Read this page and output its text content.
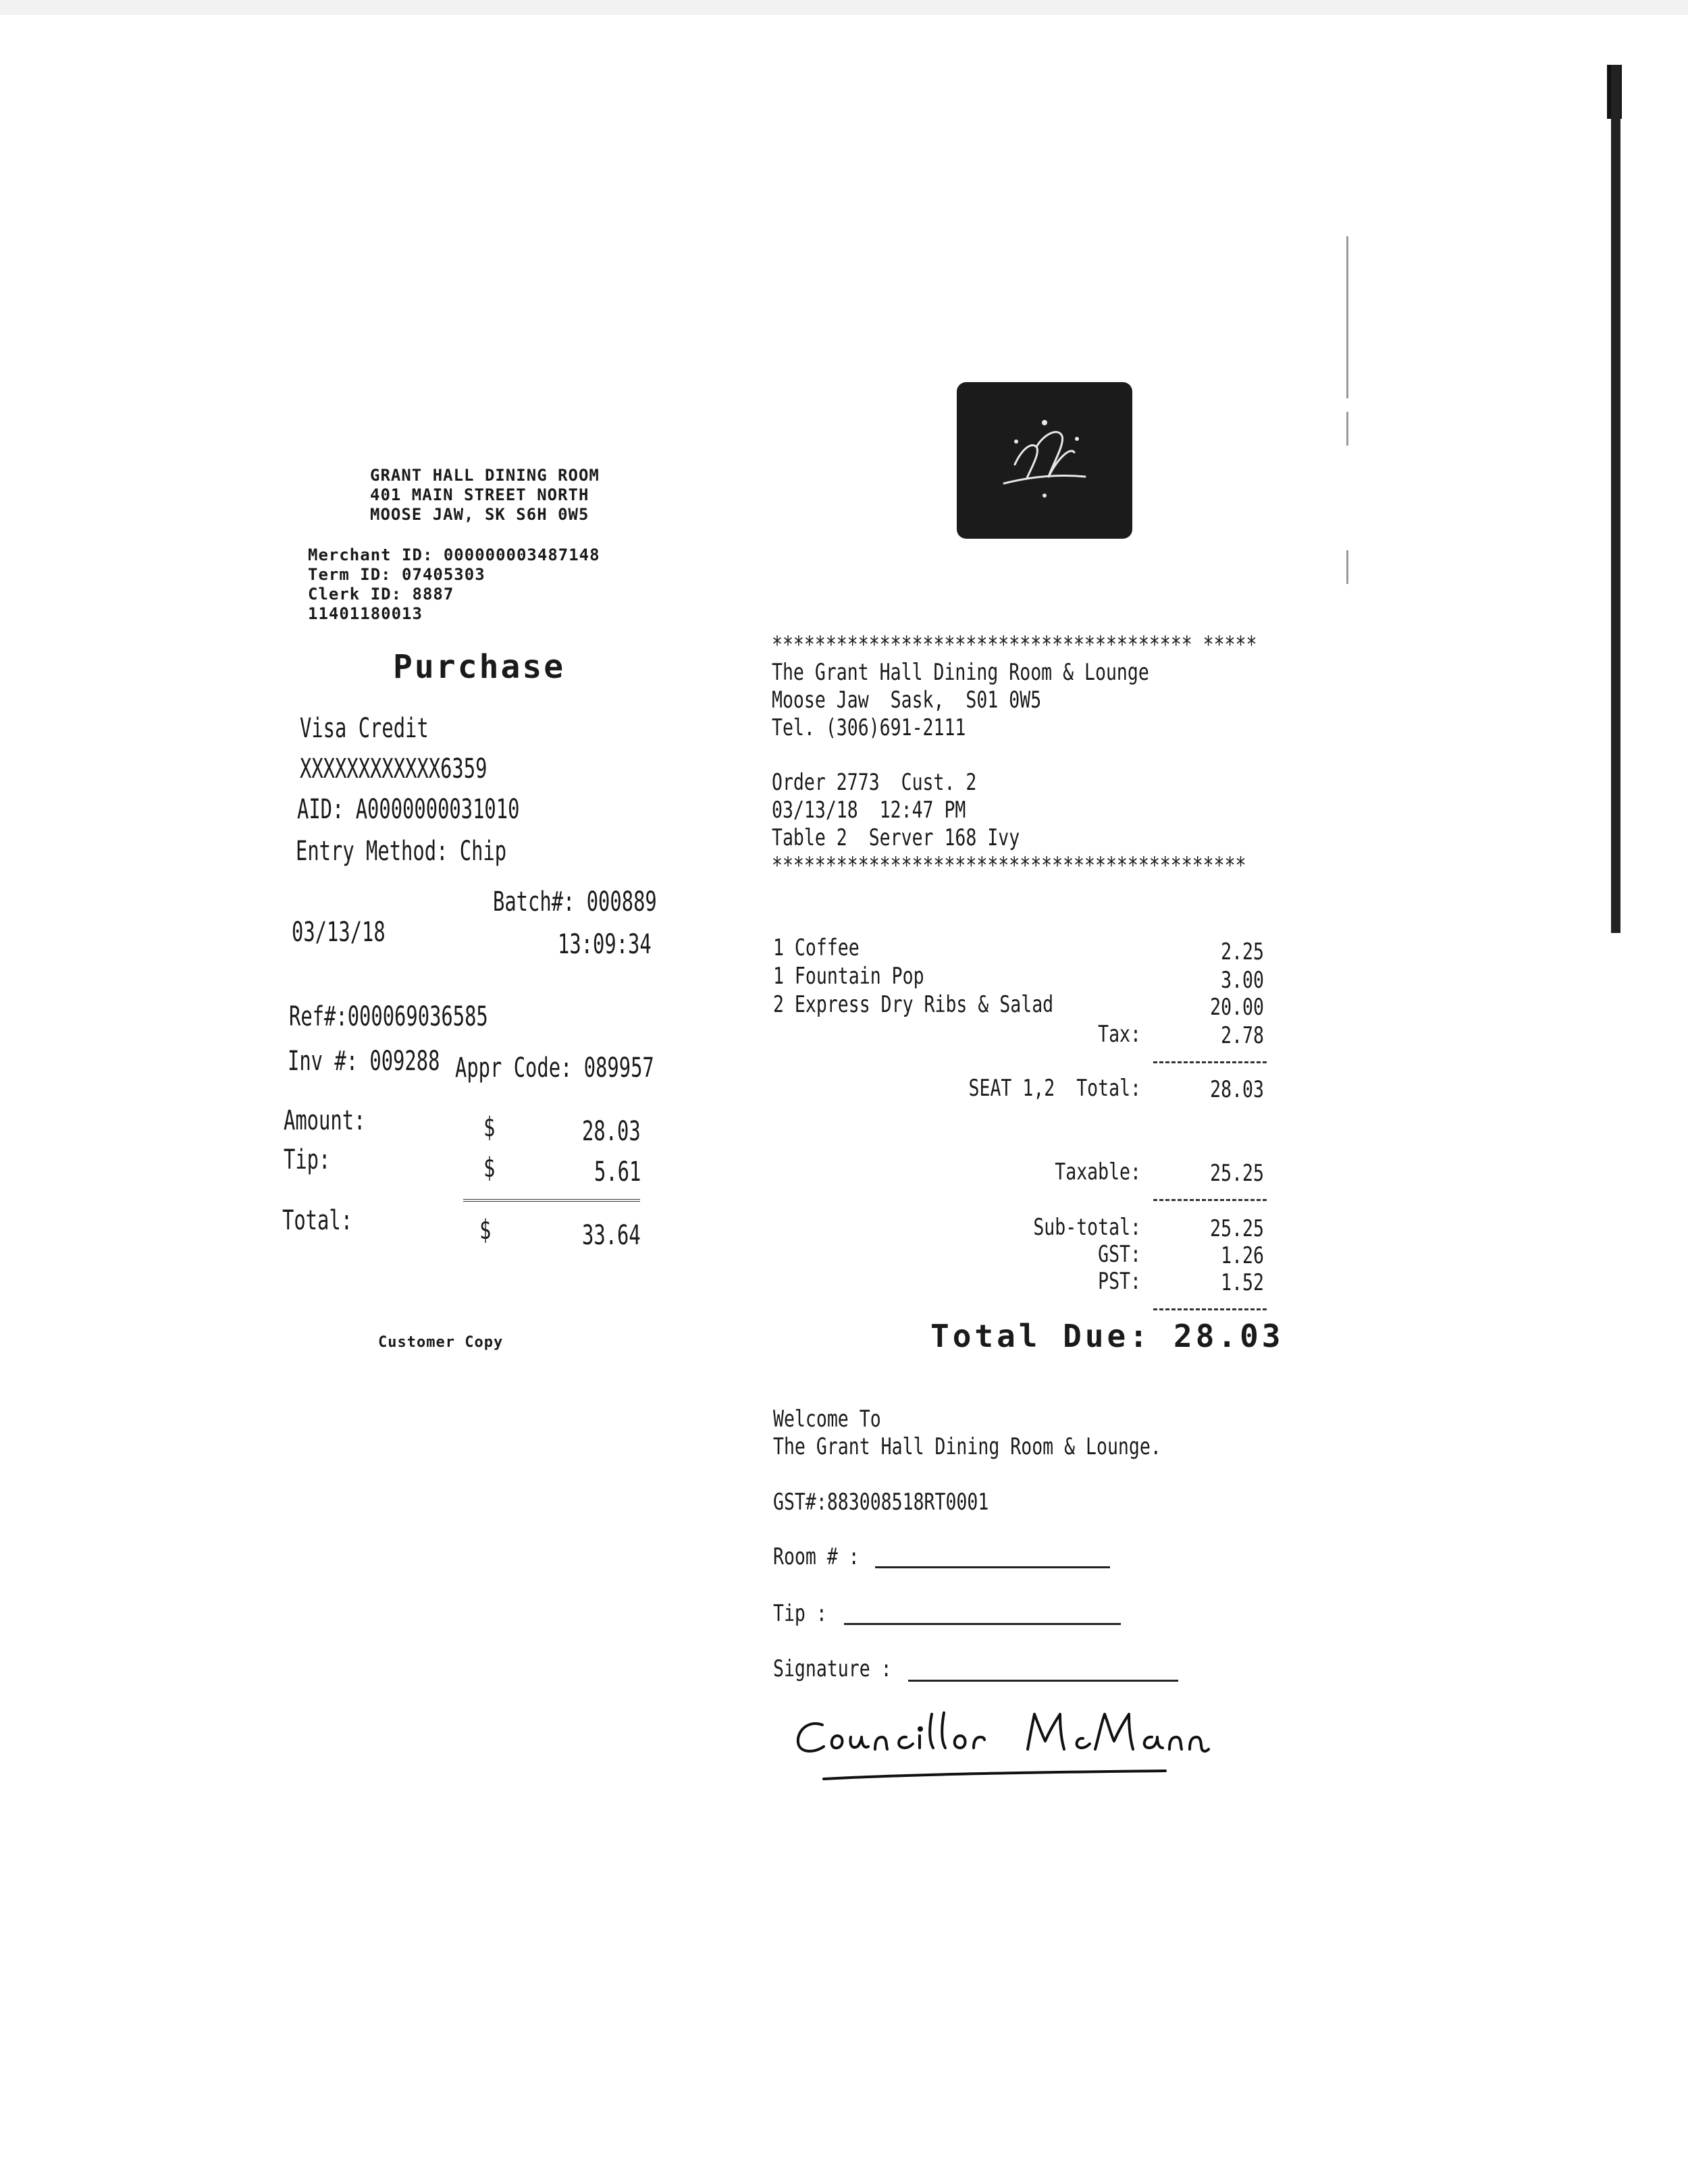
GRANT HALL DINING ROOM
401 MAIN STREET NORTH
MOOSE JAW, SK S6H 0W5
Merchant ID: 000000003487148
Term ID: 07405303
Clerk ID: 8887
11401180013
Purchase
Visa Credit
XXXXXXXXXXXX6359
AID: A0000000031010
Entry Method: Chip
Batch#: 000889
03/13/18	13:09:34
Ref#:000069036585
Inv #: 009288 Appr Code: 089957
Amount:	$	28.03
Tip:	$	5.61
Total:	$	33.64
Customer Copy
*************************************** *****
The Grant Hall Dining Room & Lounge
Moose Jaw  Sask,  S01 0W5
Tel. (306)691-2111
Order 2773  Cust. 2
03/13/18  12:47 PM
Table 2  Server 168 Ivy
********************************************
1 Coffee	2.25
1 Fountain Pop	3.00
2 Express Dry Ribs & Salad	20.00
Tax:	2.78
SEAT 1,2  Total:	28.03
Taxable:	25.25
Sub-total:	25.25
GST:	1.26
PST:	1.52
Total Due: 28.03
Welcome To
The Grant Hall Dining Room & Lounge.
GST#:883008518RT0001
Room # :
Tip :
Signature :
